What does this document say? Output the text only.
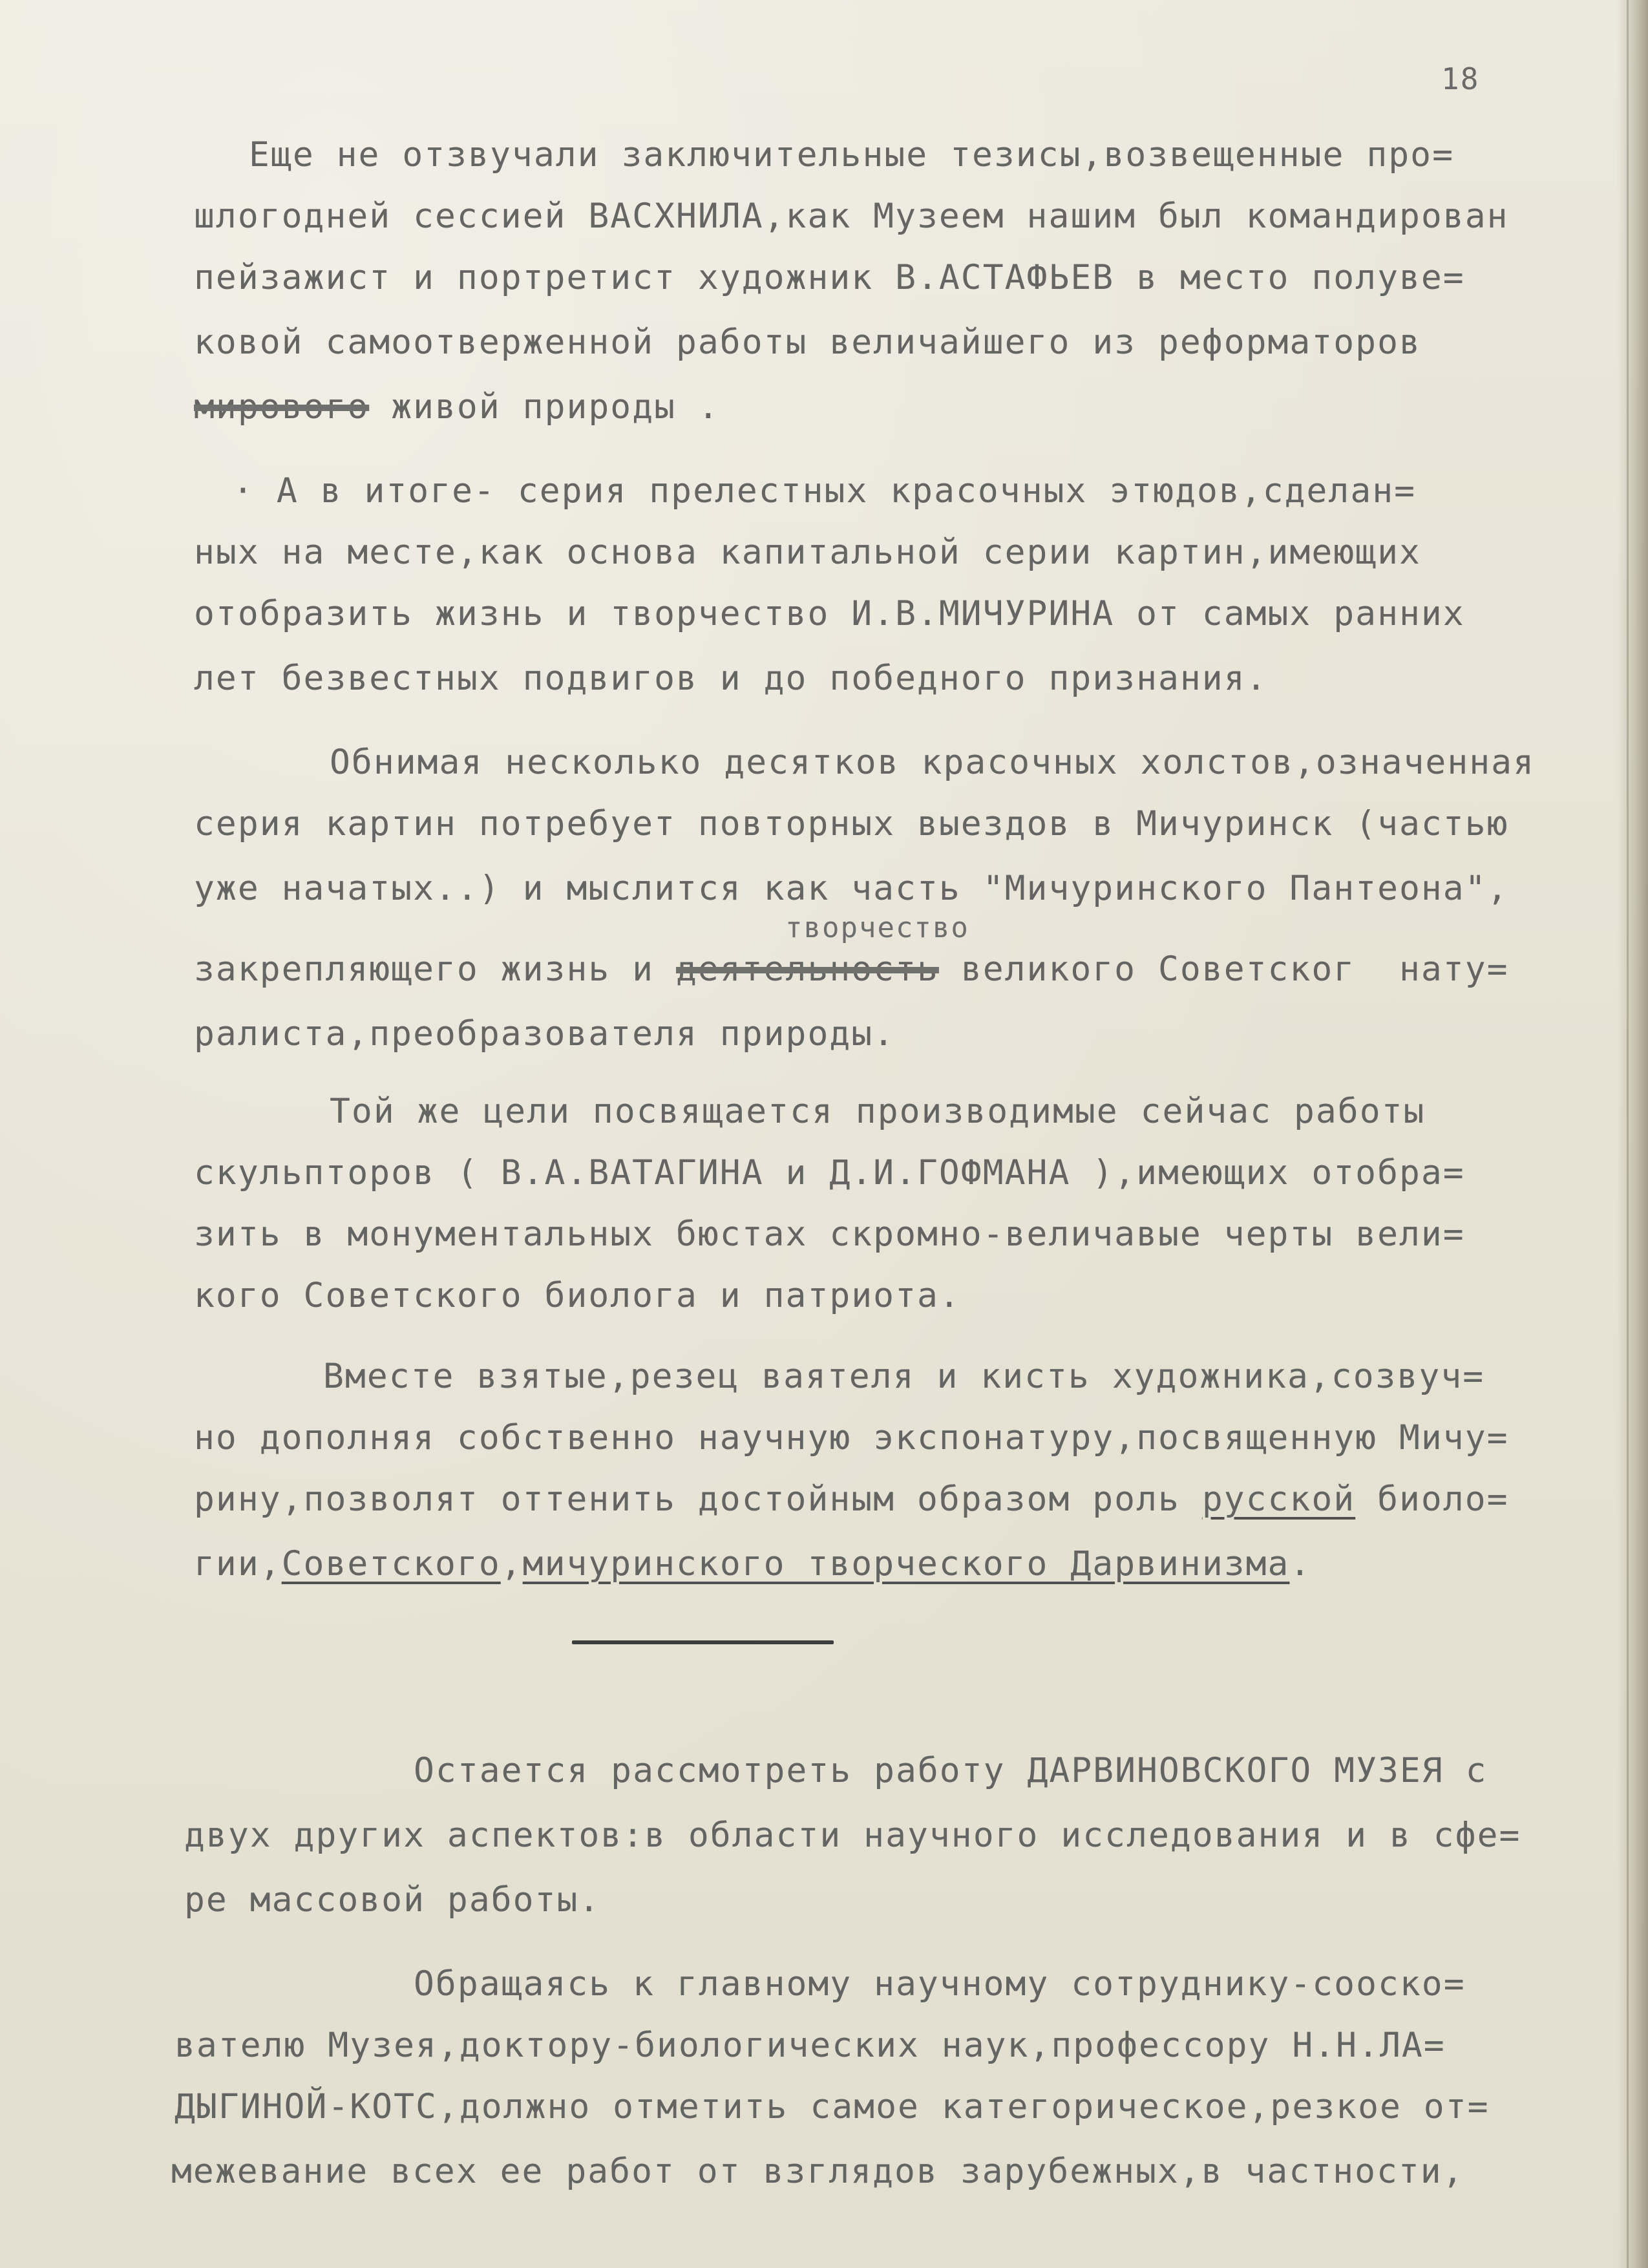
18
Еще не отзвучали заключительные тезисы,возвещенные про=
шлогодней сессией ВАСХНИЛА,как Музеем нашим был командирован
пейзажист и портретист художник В.АСТАФЬЕВ в место полуве=
ковой самоотверженной работы величайшего из реформаторов
мирового живой природы .
· А в итоге- серия прелестных красочных этюдов,сделан=
ных на месте,как основа капитальной серии картин,имеющих
отобразить жизнь и творчество И.В.МИЧУРИНА от самых ранних
лет безвестных подвигов и до победного признания.
Обнимая несколько десятков красочных холстов,означенная
серия картин потребует повторных выездов в Мичуринск (частью
уже начатых..) и мыслится как часть "Мичуринского Пантеона",
творчество
закрепляющего жизнь и деятельность великого Советског  нату=
ралиста,преобразователя природы.
Той же цели посвящается производимые сейчас работы
скульпторов ( В.А.ВАТАГИНА и Д.И.ГОФМАНА ),имеющих отобра=
зить в монументальных бюстах скромно-величавые черты вели=
кого Советского биолога и патриота.
Вместе взятые,резец ваятеля и кисть художника,созвуч=
но дополняя собственно научную экспонатуру,посвященную Мичу=
рину,позволят оттенить достойным образом роль русской биоло=
гии,Советского,мичуринского творческого Дарвинизма.
Остается рассмотреть работу ДАРВИНОВСКОГО МУЗЕЯ с
двух других аспектов:в области научного исследования и в сфе=
ре массовой работы.
Обращаясь к главному научному сотруднику-сооско=
вателю Музея,доктору-биологических наук,профессору Н.Н.ЛА=
ДЫГИНОЙ-КОТС,должно отметить самое категорическое,резкое от=
межевание всех ее работ от взглядов зарубежных,в частности,
